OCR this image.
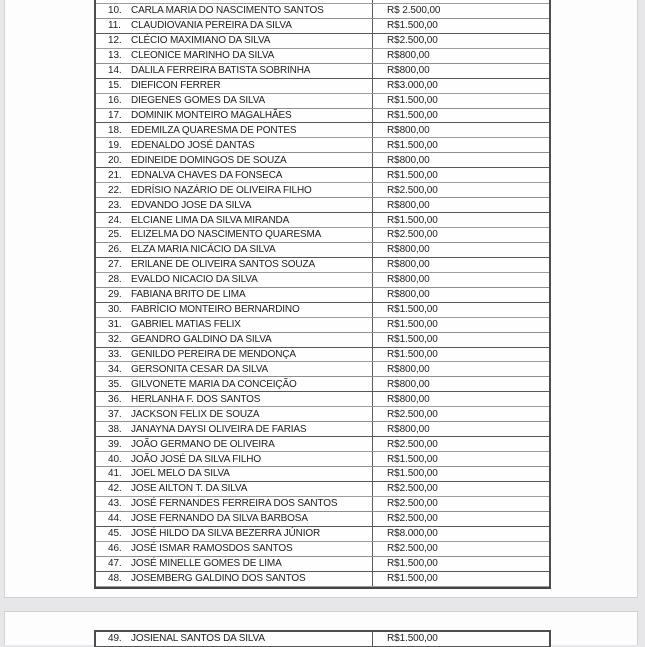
10. CARLA MARIA DO NASCIMENTO SANTOS	R$ 2.500,00
11.	CLAUDIOVANIA PEREIRA DA SILVA	R$1.500,00
12. CLÉCIO MAXIMIANO DA SILVA	R$2.500,00
13. CLEONICE MARINHO DA SILVA	R$800,00
14. DALILA FERREIRA BATISTA SOBRINHA	R$800,00
15. DIEFICON FERRER	R$3.000,00
16. DIEGENES GOMES DA SILVA	R$1.500,00
17. DOMINIK MONTEIRO MAGALHÃES	R$1.500,00
18. EDEMILZA QUARESMA DE PONTES	R$800,00
19. EDENALDO JOSÉ DANTAS	R$1.500,00
20. EDINEIDE DOMINGOS DE SOUZA	R$800,00
21. EDNALVA CHAVES DA FONSECA	R$1.500,00
22. EDRÍSIO NAZÁRIO DE OLIVEIRA FILHO	R$2.500,00
23. EDVANDO JOSE DA SILVA	R$800,00
24. ELCIANE LIMA DA SILVA MIRANDA	R$1.500,00
25. ELIZELMA DO NASCIMENTO QUARESMA	R$2.500,00
26. ELZA MARIA NICÁCIO DA SILVA	R$800,00
27. ERILANE DE OLIVEIRA SANTOS SOUZA	R$800,00
28. EVALDO NICACIO DA SILVA	R$800,00
29. FABIANA BRITO DE LIMA	R$800,00
30. FABRÍCIO MONTEIRO BERNARDINO	R$1.500,00
31. GABRIEL MATIAS FELIX	R$1.500,00
32. GEANDRO GALDINO DA SILVA	R$1.500,00
33. GENILDO PEREIRA DE MENDONÇA	R$1.500,00
34. GERSONITA CESAR DA SILVA	R$800,00
35. GILVONETE MARIA DA CONCEIÇÃO	R$800,00
36. HERLANHA F. DOS SANTOS	R$800,00
37. JACKSON FELIX DE SOUZA	R$2.500,00
38. JANAYNA DAYSI OLIVEIRA DE FARIAS	R$800,00
39. JOÃO GERMANO DE OLIVEIRA	R$2.500,00
40. JOÃO JOSÉ DA SILVA FILHO	R$1.500,00
41. JOEL MELO DA SILVA	R$1.500,00
42. JOSE AILTON T. DA SILVA	R$2.500,00
43. JOSÉ FERNANDES FERREIRA DOS SANTOS	R$2.500,00
44. JOSE FERNANDO DA SILVA BARBOSA	R$2.500,00
45. JOSÉ HILDO DA SILVA BEZERRA JÚNIOR	R$8.000,00
46. JOSÉ ISMAR RAMOSDOS SANTOS	R$2.500,00
47. JOSÉ MINELLE GOMES DE LIMA	R$1.500,00
48. JOSEMBERG GALDINO DOS SANTOS	R$1.500,00
49. JOSIENAL SANTOS DA SILVA	R$1.500,00
